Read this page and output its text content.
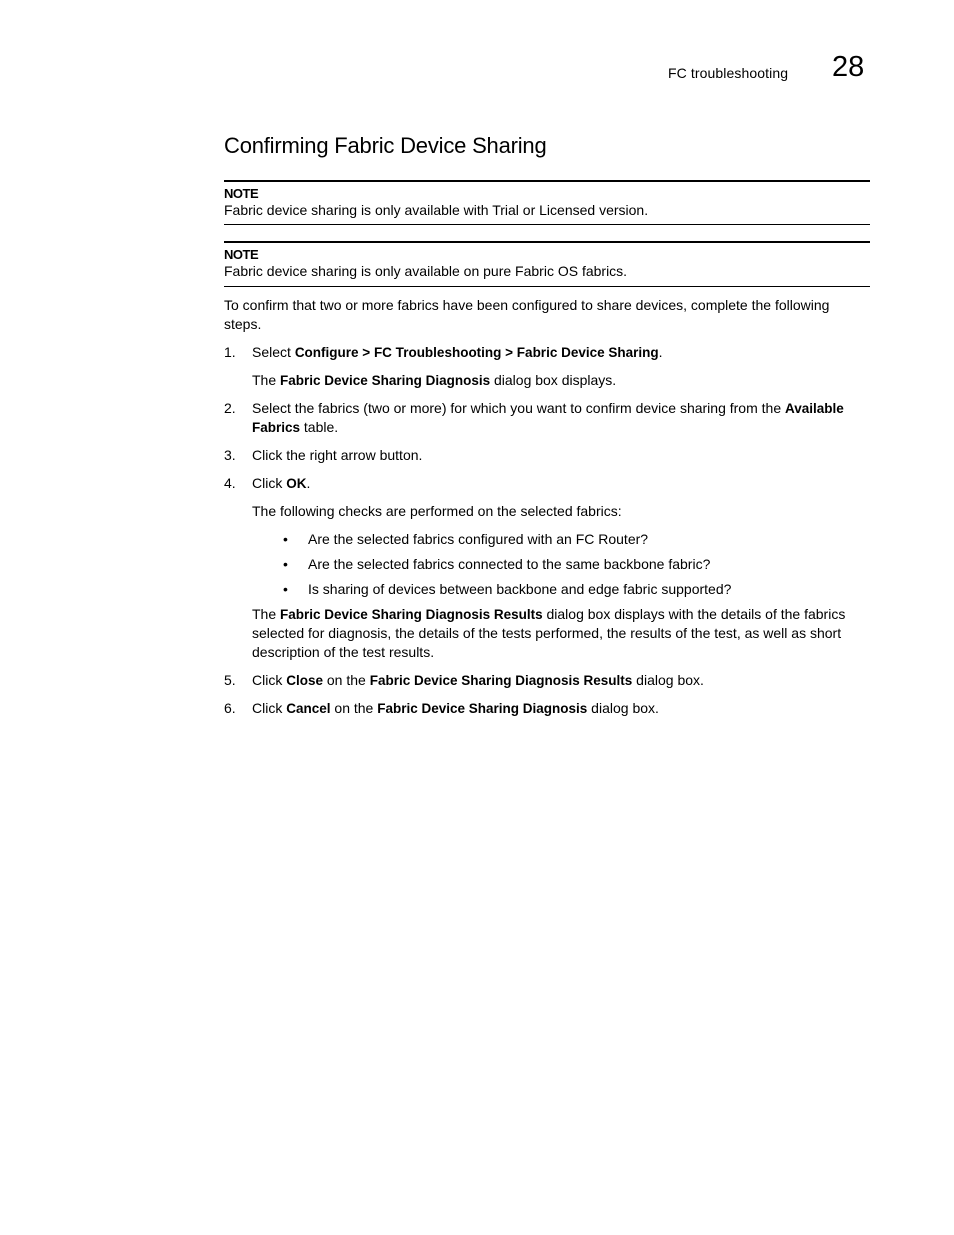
FC troubleshooting 28
Confirming Fabric Device Sharing
NOTE
Fabric device sharing is only available with Trial or Licensed version.
NOTE
Fabric device sharing is only available on pure Fabric OS fabrics.

To confirm that two or more fabrics have been configured to share devices, complete the following steps.

1. Select Configure > FC Troubleshooting > Fabric Device Sharing.
The Fabric Device Sharing Diagnosis dialog box displays.
2. Select the fabrics (two or more) for which you want to confirm device sharing from the Available Fabrics table.
3. Click the right arrow button.
4. Click OK.
The following checks are performed on the selected fabrics:
• Are the selected fabrics configured with an FC Router?
• Are the selected fabrics connected to the same backbone fabric?
• Is sharing of devices between backbone and edge fabric supported?
The Fabric Device Sharing Diagnosis Results dialog box displays with the details of the fabrics selected for diagnosis, the details of the tests performed, the results of the test, as well as short description of the test results.
5. Click Close on the Fabric Device Sharing Diagnosis Results dialog box.
6. Click Cancel on the Fabric Device Sharing Diagnosis dialog box.
